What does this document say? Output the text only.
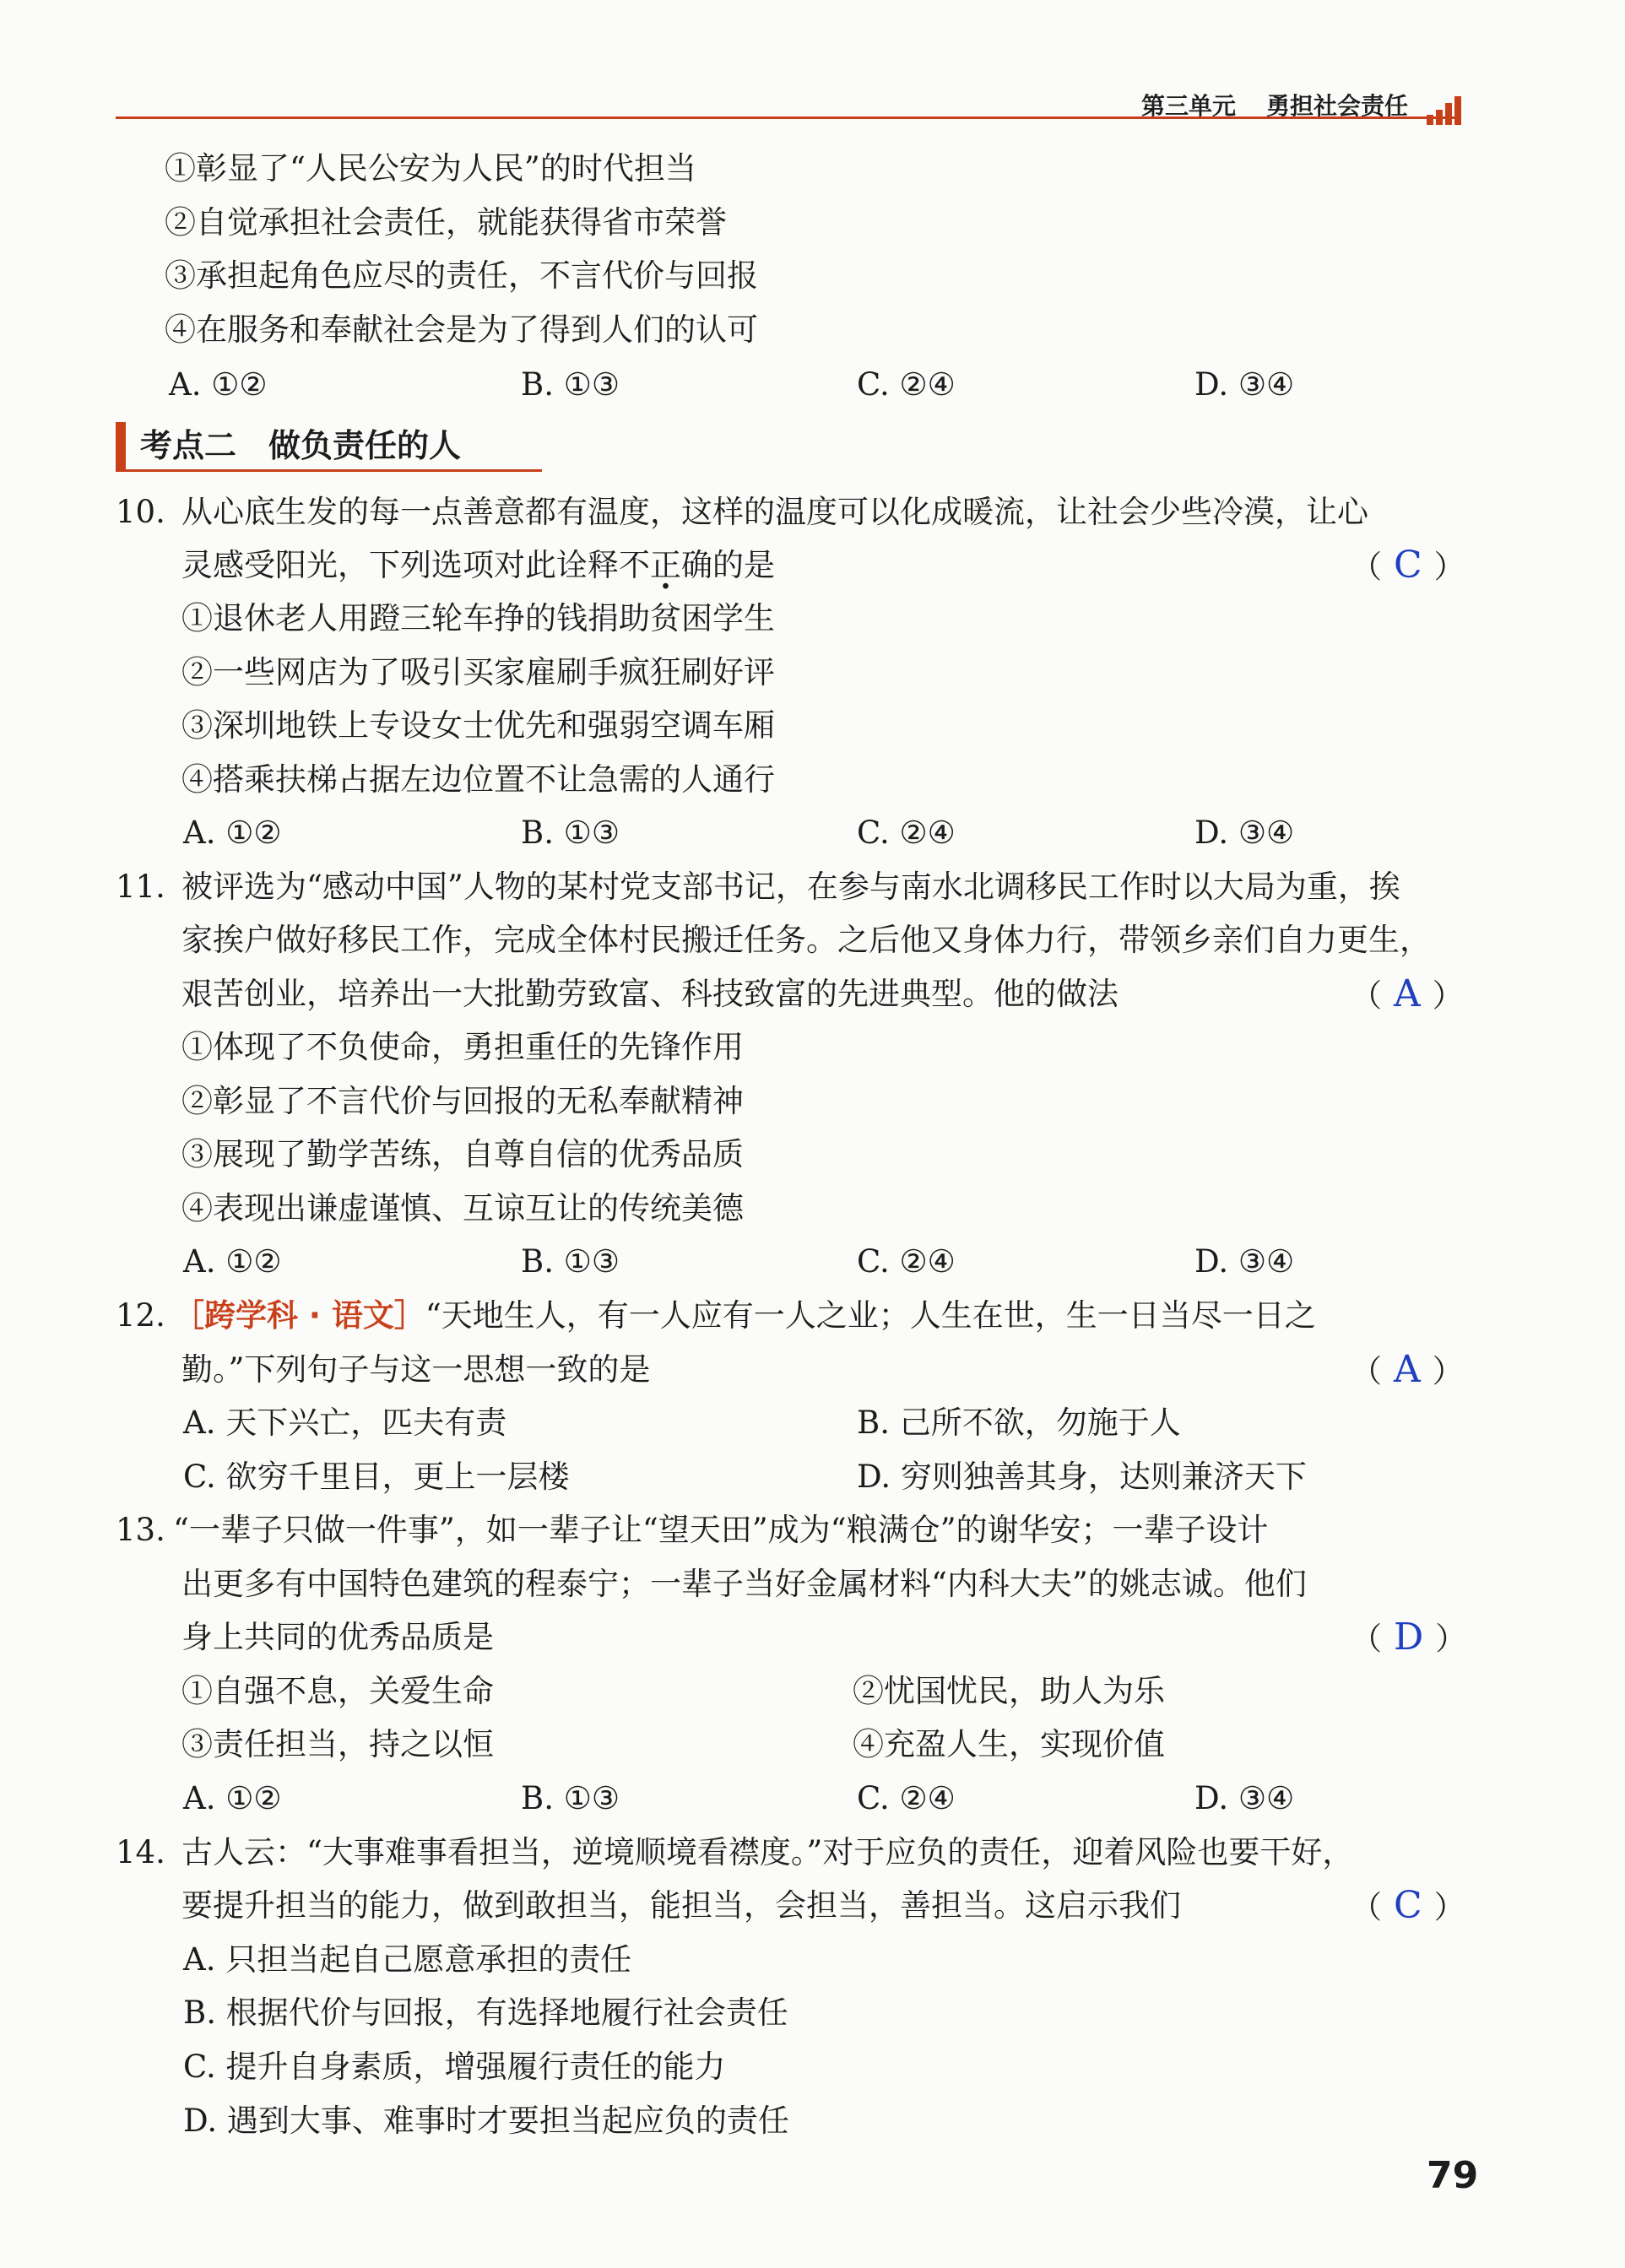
第三单元 勇担社会责任
①彰显了“人民公安为人民”的时代担当
②自觉承担社会责任，就能获得省市荣誉
③承担起角色应尽的责任，不言代价与回报
④在服务和奉献社会是为了得到人们的认可
A. ①②	B. ①③	C. ②④	D. ③④
考点二　做负责任的人
10. 从心底生发的每一点善意都有温度，这样的温度可以化成暖流，让社会少些冷漠，让心
灵感受阳光，下列选项对此诠释不正确的是	（ C ）
①退休老人用蹬三轮车挣的钱捐助贫困学生
②一些网店为了吸引买家雇刷手疯狂刷好评
③深圳地铁上专设女士优先和强弱空调车厢
④搭乘扶梯占据左边位置不让急需的人通行
A. ①②	B. ①③	C. ②④	D. ③④
11. 被评选为“感动中国”人物的某村党支部书记，在参与南水北调移民工作时以大局为重，挨
家挨户做好移民工作，完成全体村民搬迁任务。之后他又身体力行，带领乡亲们自力更生，
艰苦创业，培养出一大批勤劳致富、科技致富的先进典型。他的做法	（ A ）
①体现了不负使命，勇担重任的先锋作用
②彰显了不言代价与回报的无私奉献精神
③展现了勤学苦练，自尊自信的优秀品质
④表现出谦虚谨慎、互谅互让的传统美德
A. ①②	B. ①③	C. ②④	D. ③④
12. ［跨学科 · 语文］“天地生人，有一人应有一人之业；人生在世，生一日当尽一日之
勤。”下列句子与这一思想一致的是	（ A ）
A. 天下兴亡，匹夫有责	B. 己所不欲，勿施于人
C. 欲穷千里目，更上一层楼	D. 穷则独善其身，达则兼济天下
13. “一辈子只做一件事”，如一辈子让“望天田”成为“粮满仓”的谢华安；一辈子设计
出更多有中国特色建筑的程泰宁；一辈子当好金属材料“内科大夫”的姚志诚。他们
身上共同的优秀品质是	（ D ）
①自强不息，关爱生命	②忧国忧民，助人为乐
③责任担当，持之以恒	④充盈人生，实现价值
A. ①②	B. ①③	C. ②④	D. ③④
14. 古人云：“大事难事看担当，逆境顺境看襟度。”对于应负的责任，迎着风险也要干好，
要提升担当的能力，做到敢担当，能担当，会担当，善担当。这启示我们	（ C ）
A. 只担当起自己愿意承担的责任
B. 根据代价与回报，有选择地履行社会责任
C. 提升自身素质，增强履行责任的能力
D. 遇到大事、难事时才要担当起应负的责任
79
